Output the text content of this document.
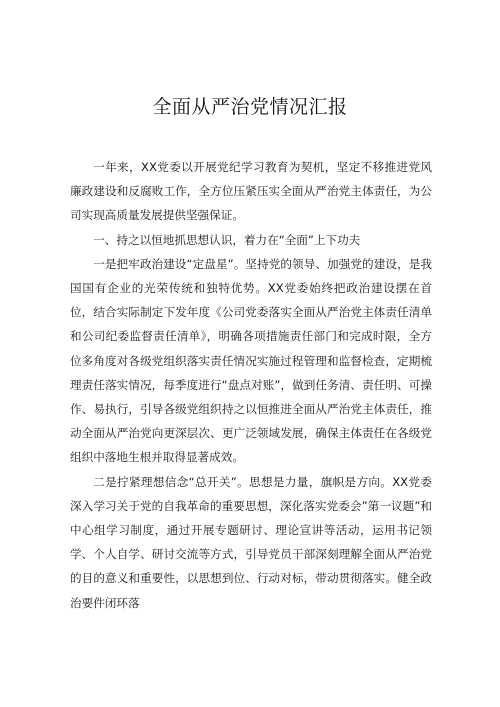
全面从严治党情况汇报

一年来，XX党委以开展党纪学习教育为契机，坚定不移推进党风廉政建设和反腐败工作，全方位压紧压实全面从严治党主体责任，为公司实现高质量发展提供坚强保证。

一、持之以恒地抓思想认识，着力在“全面”上下功夫

一是把牢政治建设“定盘星”。坚持党的领导、加强党的建设，是我国国有企业的光荣传统和独特优势。XX党委始终把政治建设摆在首位，结合实际制定下发年度《公司党委落实全面从严治党主体责任清单和公司纪委监督责任清单》，明确各项措施责任部门和完成时限，全方位多角度对各级党组织落实责任情况实施过程管理和监督检查，定期梳理责任落实情况，每季度进行“盘点对账”，做到任务清、责任明、可操作、易执行，引导各级党组织持之以恒推进全面从严治党主体责任，推动全面从严治党向更深层次、更广泛领域发展，确保主体责任在各级党组织中落地生根并取得显著成效。

二是拧紧理想信念“总开关”。思想是力量，旗帜是方向。XX党委深入学习关于党的自我革命的重要思想，深化落实党委会”第一议题”和中心组学习制度，通过开展专题研讨、理论宣讲等活动，运用书记领学、个人自学、研讨交流等方式，引导党员干部深刻理解全面从严治党的目的意义和重要性，以思想到位、行动对标，带动贯彻落实。健全政治要件闭环落
